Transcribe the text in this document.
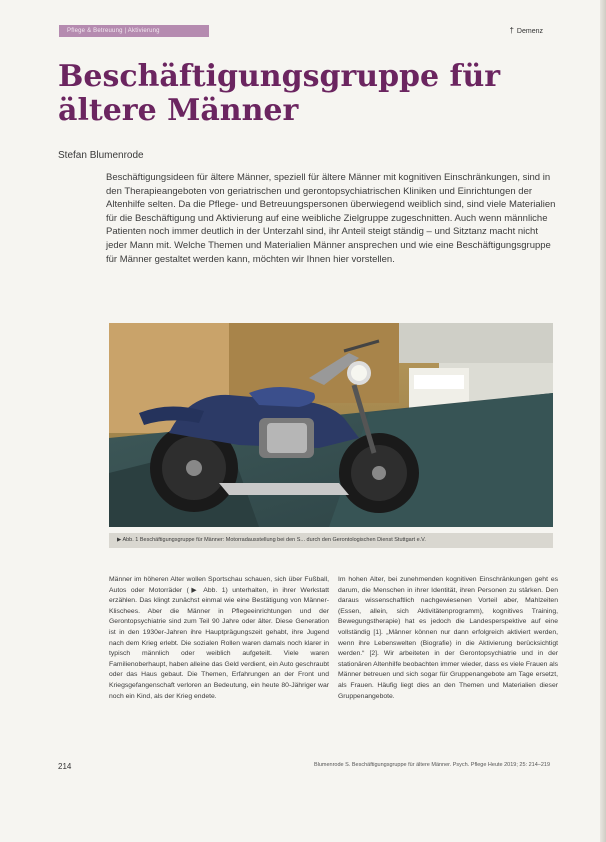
Pflege & Betreuung | Aktivierung	† Demenz
Beschäftigungsgruppe für ältere Männer
Stefan Blumenrode

Beschäftigungsideen für ältere Männer, speziell für ältere Männer mit kognitiven Einschränkungen, sind in den Therapieangeboten von geriatrischen und gerontopsychiatrischen Kliniken und Einrichtungen der Altenhilfe selten. Da die Pflege- und Betreuungspersonen überwiegend weiblich sind, sind viele Materialien für die Beschäftigung und Aktivierung auf eine weibliche Zielgruppe zugeschnitten. Auch wenn männliche Patienten noch immer deutlich in der Unterzahl sind, ihr Anteil steigt ständig – und Sitztanz macht nicht jeder Mann mit. Welche Themen und Materialien Männer ansprechen und wie eine Beschäftigungsgruppe für Männer gestaltet werden kann, möchten wir Ihnen hier vorstellen.

▶ Abb. 1 Beschäftigungsgruppe für Männer: Motorradausstellung bei den S... durch den Gerontologischen Dienst Stuttgart e.V.

Männer im höheren Alter wollen Sportschau schauen, sich über Fußball, Autos oder Motorräder (▶ Abb. 1) unterhalten, in ihrer Werkstatt erzählen. Das klingt zunächst einmal wie eine Bestätigung von Männer-Klischees. Aber die Männer in Pflegeeinrichtungen und der Gerontopsychiatrie sind zum Teil 90 Jahre oder älter. Diese Generation ist in den 1930er-Jahren ihre Hauptprägungszeit gehabt, ihre Jugend nach dem Krieg erlebt. Die sozialen Rollen waren damals noch klarer in typisch männlich oder weiblich aufgeteilt. Viele waren Familienoberhaupt, haben alleine das Geld verdient, ein Auto geschraubt oder das Haus gebaut. Die Themen, Erfahrungen an der Front und Kriegsgefangenschaft verloren an Bedeutung, ein heute 80-Jähriger war noch ein Kind, als der Krieg endete.

Im hohen Alter, bei zunehmenden kognitiven Einschränkungen geht es darum, die Menschen in ihrer Identität, ihren Personen zu stärken. Den daraus wissenschaftlich nachgewiesenen Vorteil aber, Mahlzeiten (Essen, allein, sich Aktivitätenprogramm), kognitives Training, Bewegungstherapie) hat es jedoch die Landesperspektive auf eine vollständig [1]. „Männer können nur dann erfolgreich aktiviert werden, wenn ihre Lebenswelten (Biografie) in die Aktivierung berücksichtigt werden.“ [2]. Wir arbeiteten in der Gerontopsychiatrie und in der stationären Altenhilfe beobachten immer wieder, dass es viele Frauen als Männer betreuen und sich sogar für Gruppenangebote am Tage ersetzt, als Frauen. Häufig liegt dies an den Themen und Materialien dieser Gruppenangebote.

214	Blumenrode S. Beschäftigungsgruppe für ältere Männer. Psych. Pflege Heute 2019; 25: 214–219
